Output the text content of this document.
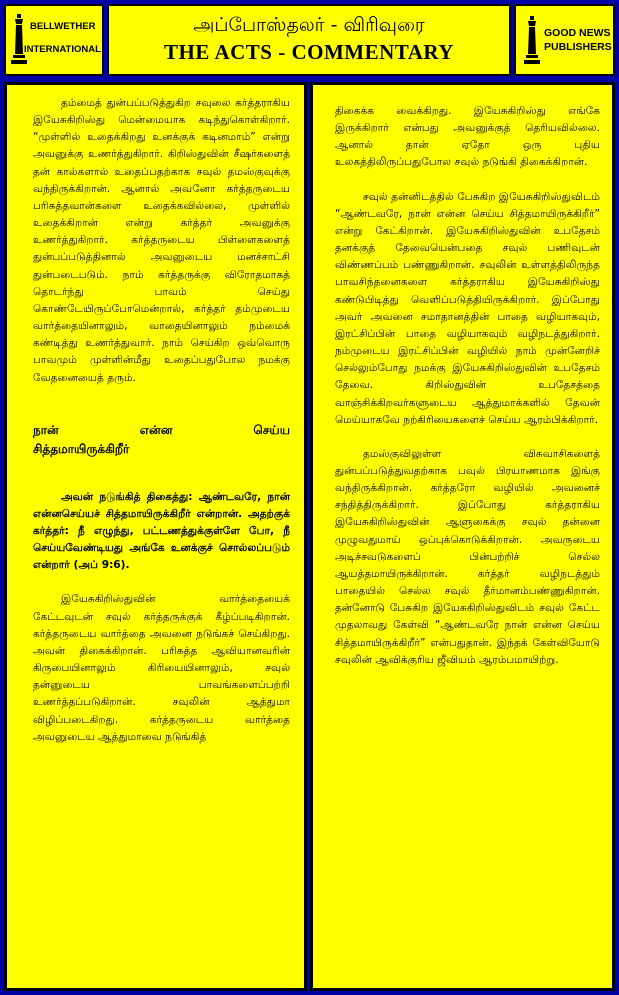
BELLWETHER
INTERNATIONAL
அப்போஸ்தலர் - விரிவுரை
THE ACTS - COMMENTARY
GOOD NEWS
PUBLISHERS

தம்மைத் துன்பப்படுத்துகிற சவுலை கர்த்தராகிய இயேசுகிறிஸ்து மென்மையாக கடிந்துகொள்கிறார். “முள்ளில் உதைக்கிறது உனக்குக் கடினமாம்” என்று அவனுக்கு உணர்த்துகிறார். கிறிஸ்துவின் சீஷர்களைத் தன் கால்களால் உதைப்பதற்காக சவுல் தமஸ்குவுக்கு வந்திருக்கிறான். ஆனால் அவனோ கர்த்தருடைய பரிசுத்தவான்களை உதைக்கவில்லை, முள்ளில் உதைக்கிறான் என்று கர்த்தர் அவனுக்கு உணர்த்துகிறார். கர்த்தருடைய பிள்ளைகளைத் துன்பப்படுத்தினால் அவனுடைய மனச்சாட்சி துன்படைபடும். நாம் கர்த்தருக்கு விரோதமாகத் தொடர்ந்து பாவம் செய்து கொண்டேயிருப்போமென்றால், கர்த்தர் தம்முடைய வார்த்தையினாலும், வாதையினாலும் நம்மைக் கண்டித்து உணர்த்துவார். நாம் செய்கிற ஒவ்வொரு பாவமும் முள்ளின்மீது உதைப்பதுபோல நமக்கு வேதனையைத் தரும்.

நான் என்ன செய்ய
சித்தமாயிருக்கிறீர்

அவன் நடுங்கித் திகைத்து: ஆண்டவரே, நான் என்னசெய்யச் சித்தமாயிருக்கிறீர் என்றான். அதற்குக் கர்த்தர்: நீ எழுந்து, பட்டணத்துக்குள்ளே போ, நீ செய்யவேண்டியது அங்கே உனக்குச் சொல்லப்படும் என்றார் (அப் 9:6).

இயேசுகிறிஸ்துவின் வார்த்தையைக் கேட்டவுடன் சவுல் கர்த்தருக்குக் கீழ்ப்படிகிறான். கர்த்தருடைய வார்த்தை அவனை நடுங்கச் செய்கிறது. அவன் திகைக்கிறான். பரிசுத்த ஆவியானவரின் கிருபையினாலும் கிரியையினாலும், சவுல் தன்னுடைய பாவங்களைப்பற்றி உணர்த்தப்படுகிறான். சவுலின் ஆத்துமா விழிப்படைகிறது. கர்த்தருடைய வார்த்தை அவனுடைய ஆத்துமாவை நடுங்கித்

திகைக்க வைக்கிறது. இயேசுகிறிஸ்து எங்கே இருக்கிறார் என்பது அவனுக்குத் தெரியவில்லை. ஆனால் தான் ஏதோ ஒரு புதிய உலகத்திலிருப்பதுபோல சவுல் நடுங்கி திகைக்கிறான்.

சவுல் தன்னிடத்தில் பேசுகிற இயேசுகிறிஸ்துவிடம் “ஆண்டவரே, நான் என்ன செய்ய சித்தமாயிருக்கிறீர்” என்று கேட்கிறான். இயேசுகிறிஸ்துவின் உபதேசம் தனக்குத் தேவையென்பதை சவுல் பணிவுடன் விண்ணப்பம் பண்ணுகிறான். சவுலின் உள்ளத்திலிருந்த பாவசிந்தனைகளை கர்த்தராகிய இயேசுகிறிஸ்து கண்டுபிடித்து வெளிப்படுத்தியிருக்கிறார். இப்போது அவர் அவனை சமாதானத்தின் பாதை வழியாகவும், இரட்சிப்பின் பாதை வழியாகவும் வழிநடத்துகிறார். நம்முடைய இரட்சிப்பின் வழியில் நாம் முன்னேறிச் செல்லும்போது நமக்கு இயேசுகிறிஸ்துவின் உபதேசம் தேவை. கிறிஸ்துவின் உபதேசத்தை வாஞ்சிக்கிறவர்களுடைய ஆத்துமாக்களில் தேவன் மெய்யாகவே நற்கிரியைகளைச் செய்ய ஆரம்பிக்கிறார்.

தமஸ்குவிலுள்ள விசுவாசிகளைத் துன்பப்படுத்துவதற்காக பவுல் பிரயாணமாக இங்கு வந்திருக்கிறான். கர்த்தரோ வழியில் அவனைச் சந்தித்திருக்கிறார். இப்போது கர்த்தராகிய இயேசுகிறிஸ்துவின் ஆளுகைக்கு சவுல் தன்னை முழுவதுமாய் ஒப்புக்கொடுக்கிறான். அவருடைய அடிச்சவடுகளைப் பின்பற்றிச் செல்ல ஆயத்தமாயிருக்கிறான். கர்த்தர் வழிநடத்தும் பாதையில் செல்ல சவுல் தீர்மானம்பண்ணுகிறான். தன்னோடு பேசுகிற இயேசுகிறிஸ்துவிடம் சவுல் கேட்ட முதலாவது கேள்வி “ஆண்டவரே நான் என்ன செய்ய சித்தமாயிருக்கிறீர்” என்பதுதான். இந்தக் கேள்வியோடு சவுலின் ஆவிக்குரிய ஜீவியம் ஆரம்பமாயிற்று.
